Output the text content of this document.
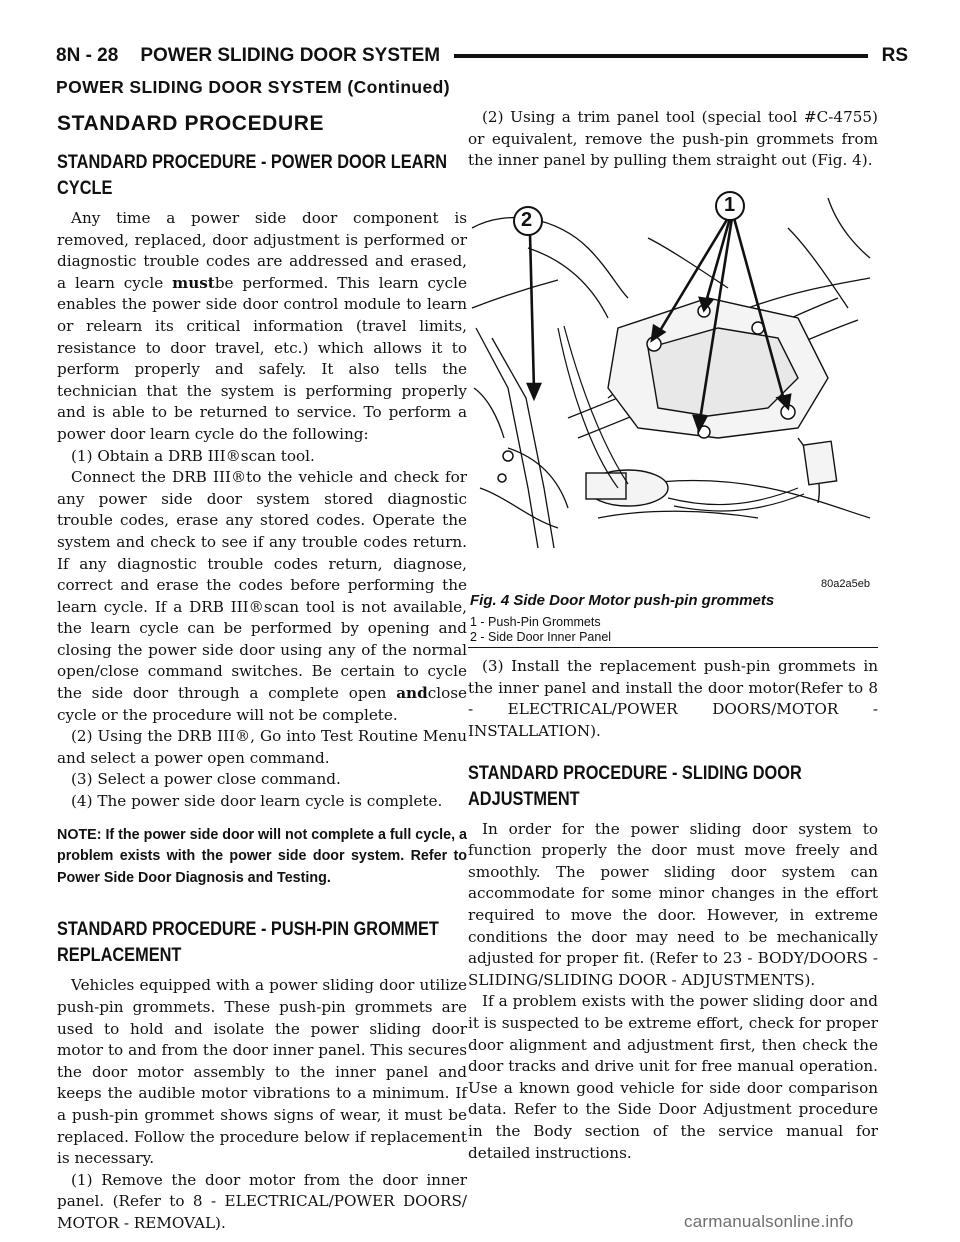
8N - 28 POWER SLIDING DOOR SYSTEM	RS
POWER SLIDING DOOR SYSTEM (Continued)
STANDARD PROCEDURE
STANDARD PROCEDURE - POWER DOOR LEARN CYCLE

Any time a power side door component is removed, replaced, door adjustment is performed or diagnostic trouble codes are addressed and erased, a learn cycle mustbe performed. This learn cycle enables the power side door control module to learn or relearn its critical information (travel limits, resistance to door travel, etc.) which allows it to perform properly and safely. It also tells the technician that the system is performing properly and is able to be returned to service. To perform a power door learn cycle do the following:

(1) Obtain a DRB III®scan tool.

Connect the DRB III®to the vehicle and check for any power side door system stored diagnostic trouble codes, erase any stored codes. Operate the system and check to see if any trouble codes return. If any diagnostic trouble codes return, diagnose, correct and erase the codes before performing the learn cycle. If a DRB III®scan tool is not available, the learn cycle can be performed by opening and closing the power side door using any of the normal open/close command switches. Be certain to cycle the side door through a complete open andclose cycle or the procedure will not be complete.

(2) Using the DRB III®, Go into Test Routine Menu and select a power open command.

(3) Select a power close command.

(4) The power side door learn cycle is complete.

NOTE: If the power side door will not complete a full cycle, a problem exists with the power side door system. Refer to Power Side Door Diagnosis and Testing.

STANDARD PROCEDURE - PUSH-PIN GROMMET REPLACEMENT

Vehicles equipped with a power sliding door utilize push-pin grommets. These push-pin grommets are used to hold and isolate the power sliding door motor to and from the door inner panel. This secures the door motor assembly to the inner panel and keeps the audible motor vibrations to a minimum. If a push-pin grommet shows signs of wear, it must be replaced. Follow the procedure below if replacement is necessary.

(1) Remove the door motor from the door inner panel. (Refer to 8 - ELECTRICAL/POWER DOORS/ MOTOR - REMOVAL).

(2) Using a trim panel tool (special tool #C-4755) or equivalent, remove the push-pin grommets from the inner panel by pulling them straight out (Fig. 4).

2
1
80a2a5eb
Fig. 4 Side Door Motor push-pin grommets
1 - Push-Pin Grommets
2 - Side Door Inner Panel

(3) Install the replacement push-pin grommets in the inner panel and install the door motor(Refer to 8 - ELECTRICAL/POWER DOORS/MOTOR - INSTALLATION).

STANDARD PROCEDURE - SLIDING DOOR ADJUSTMENT

In order for the power sliding door system to function properly the door must move freely and smoothly. The power sliding door system can accommodate for some minor changes in the effort required to move the door. However, in extreme conditions the door may need to be mechanically adjusted for proper fit. (Refer to 23 - BODY/DOORS - SLIDING/SLIDING DOOR - ADJUSTMENTS).

If a problem exists with the power sliding door and it is suspected to be extreme effort, check for proper door alignment and adjustment first, then check the door tracks and drive unit for free manual operation. Use a known good vehicle for side door comparison data. Refer to the Side Door Adjustment procedure in the Body section of the service manual for detailed instructions.

carmanualsonline.info
